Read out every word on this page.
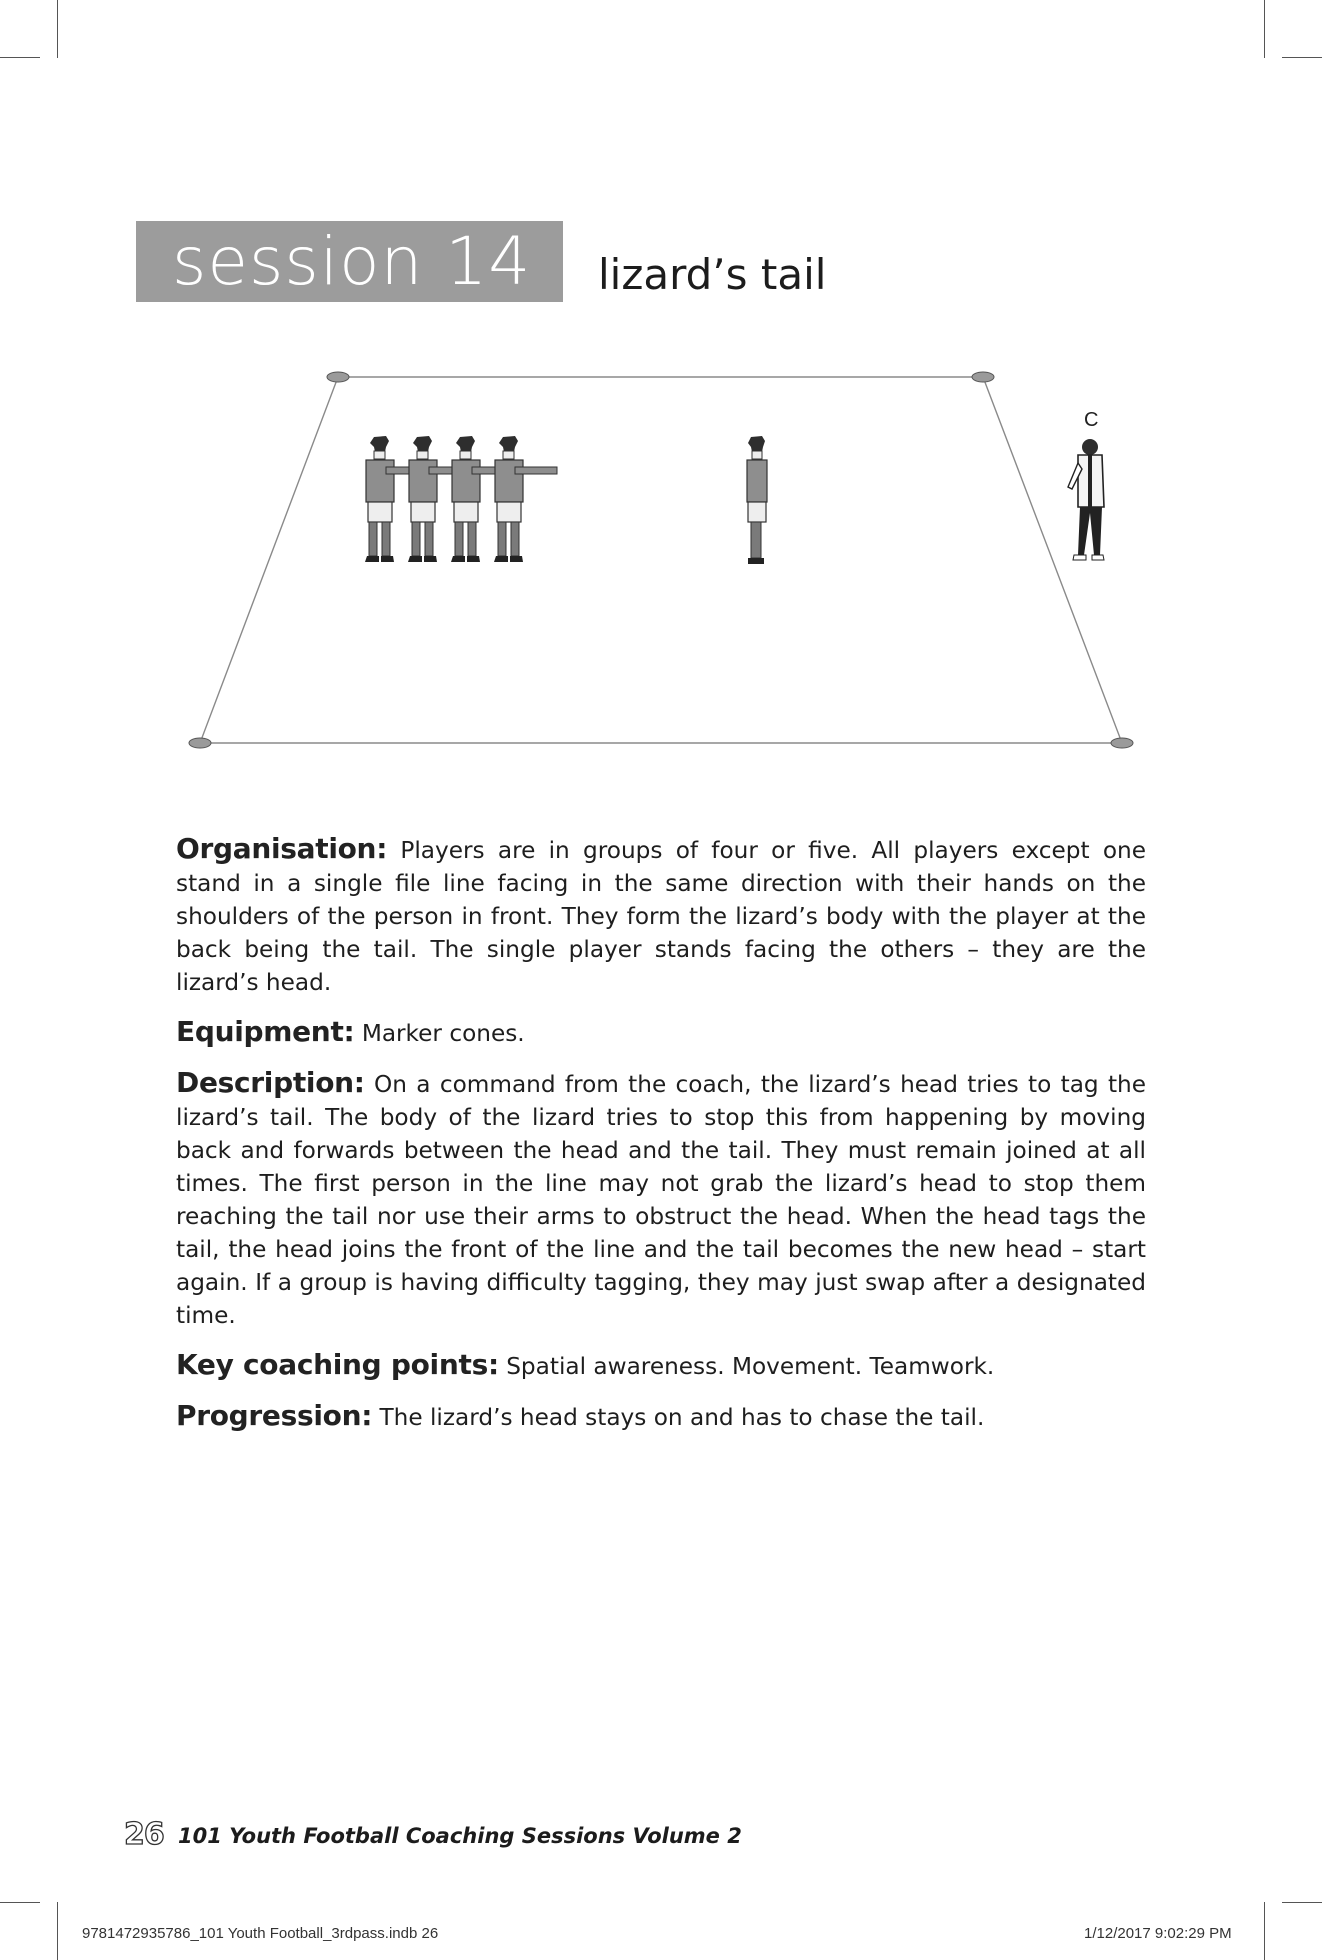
session 14	lizard’s tail
C

Organisation: Players are in groups of four or five. All players except one stand in a single file line facing in the same direction with their hands on the shoulders of the person in front. They form the lizard’s body with the player at the back being the tail. The single player stands facing the others – they are the lizard’s head.

Equipment: Marker cones.

Description: On a command from the coach, the lizard’s head tries to tag the lizard’s tail. The body of the lizard tries to stop this from happening by moving back and forwards between the head and the tail. They must remain joined at all times. The first person in the line may not grab the lizard’s head to stop them reaching the tail nor use their arms to obstruct the head. When the head tags the tail, the head joins the front of the line and the tail becomes the new head – start again. If a group is having difficulty tagging, they may just swap after a designated time.

Key coaching points: Spatial awareness. Movement. Teamwork.

Progression: The lizard’s head stays on and has to chase the tail.

26 101 Youth Football Coaching Sessions Volume 2
9781472935786_101 Youth Football_3rdpass.indb 26	1/12/2017 9:02:29 PM
